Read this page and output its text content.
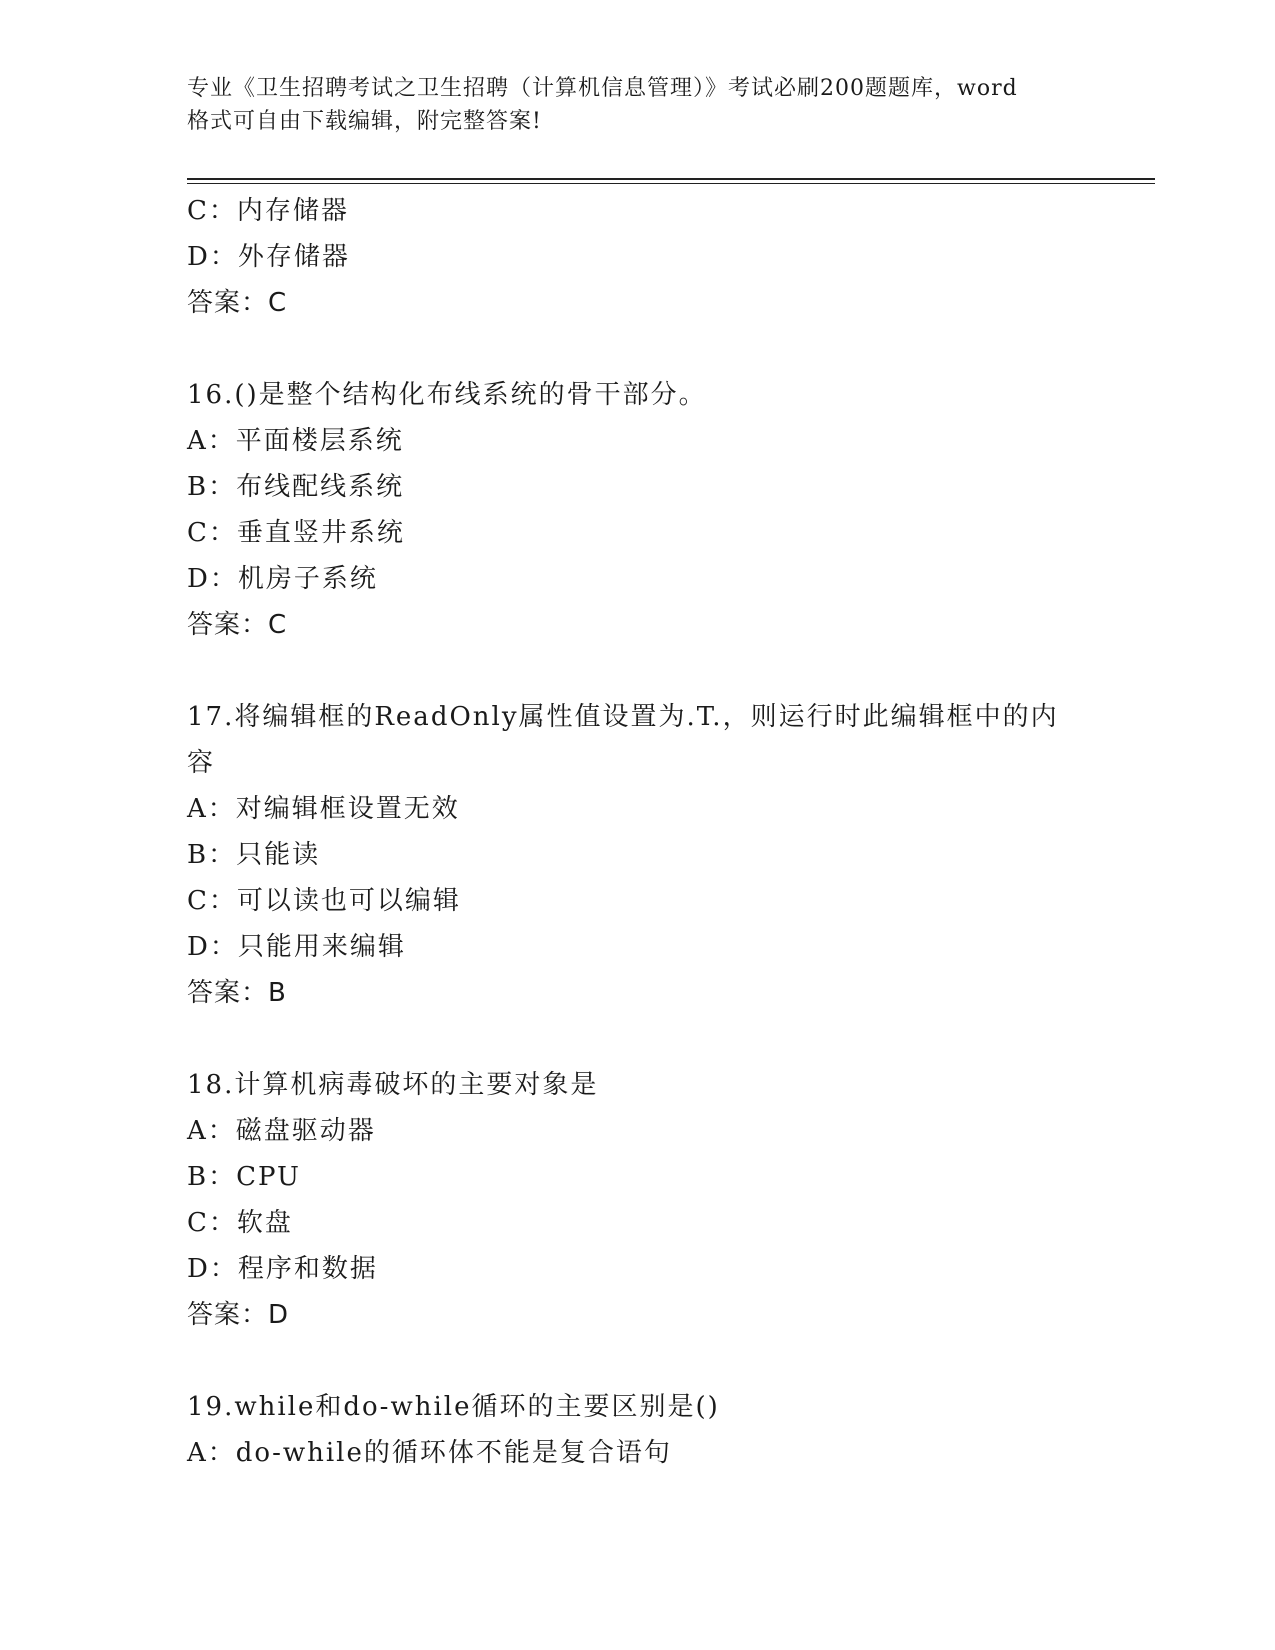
专业《卫生招聘考试之卫生招聘（计算机信息管理）》考试必刷200题题库，word
格式可自由下载编辑，附完整答案!
C：内存储器
D：外存储器
答案：C
16.()是整个结构化布线系统的骨干部分。
A：平面楼层系统
B：布线配线系统
C：垂直竖井系统
D：机房子系统
答案：C
17.将编辑框的ReadOnly属性值设置为.T.，则运行时此编辑框中的内
容
A：对编辑框设置无效
B：只能读
C：可以读也可以编辑
D：只能用来编辑
答案：B
18.计算机病毒破坏的主要对象是
A：磁盘驱动器
B：CPU
C：软盘
D：程序和数据
答案：D
19.while和do-while循环的主要区别是()
A：do-while的循环体不能是复合语句
